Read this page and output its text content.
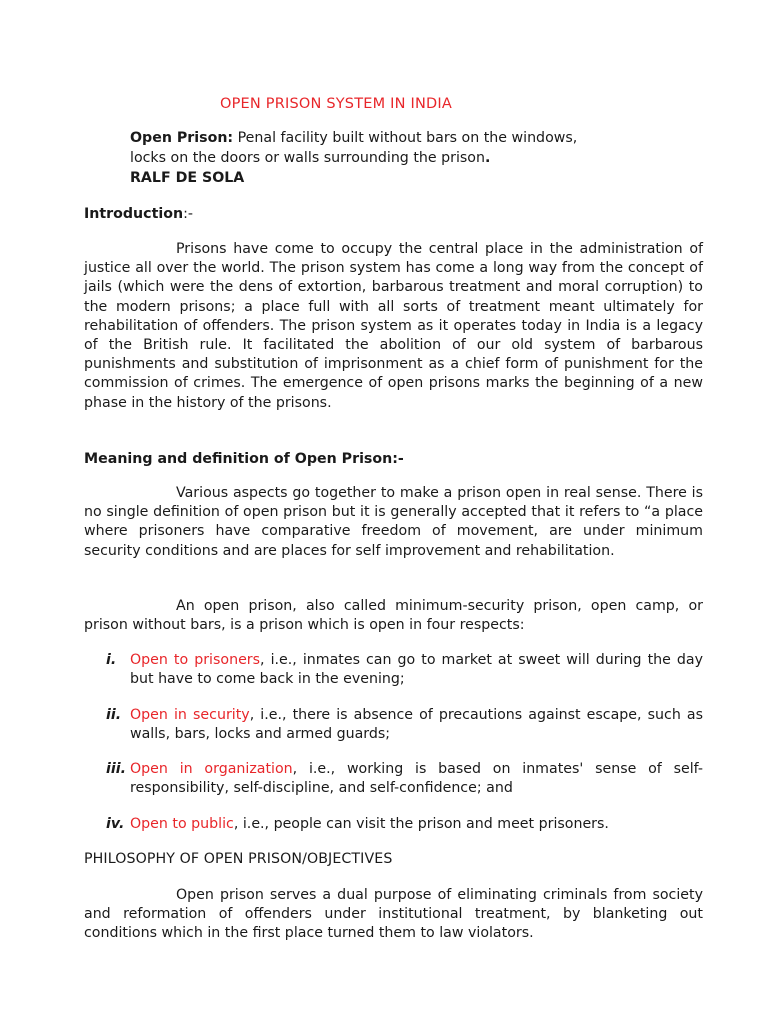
OPEN PRISON SYSTEM IN INDIA
Open Prison: Penal facility built without bars on the windows,
locks on the doors or walls surrounding the prison.
RALF DE SOLA
Introduction:-
Prisons have come to occupy the central place in the administration of justice all over the world. The prison system has come a long way from the concept of jails (which were the dens of extortion, barbarous treatment and moral corruption) to the modern prisons; a place full with all sorts of treatment meant ultimately for rehabilitation of offenders. The prison system as it operates today in India is a legacy of the British rule. It facilitated the abolition of our old system of barbarous punishments and substitution of imprisonment as a chief form of punishment for the commission of crimes. The emergence of open prisons marks the beginning of a new phase in the history of the prisons.
Meaning and definition of Open Prison:-
Various aspects go together to make a prison open in real sense. There is no single definition of open prison but it is generally accepted that it refers to “a place where prisoners have comparative freedom of movement, are under minimum security conditions and are places for self improvement and rehabilitation.
An open prison, also called minimum-security prison, open camp, or prison without bars, is a prison which is open in four respects:
i. Open to prisoners, i.e., inmates can go to market at sweet will during the day but have to come back in the evening;
ii. Open in security, i.e., there is absence of precautions against escape, such as walls, bars, locks and armed guards;
iii. Open in organization, i.e., working is based on inmates' sense of self-responsibility, self-discipline, and self-confidence; and
iv. Open to public, i.e., people can visit the prison and meet prisoners.
PHILOSOPHY OF OPEN PRISON/OBJECTIVES
Open prison serves a dual purpose of eliminating criminals from society and reformation of offenders under institutional treatment, by blanketing out conditions which in the first place turned them to law violators.
